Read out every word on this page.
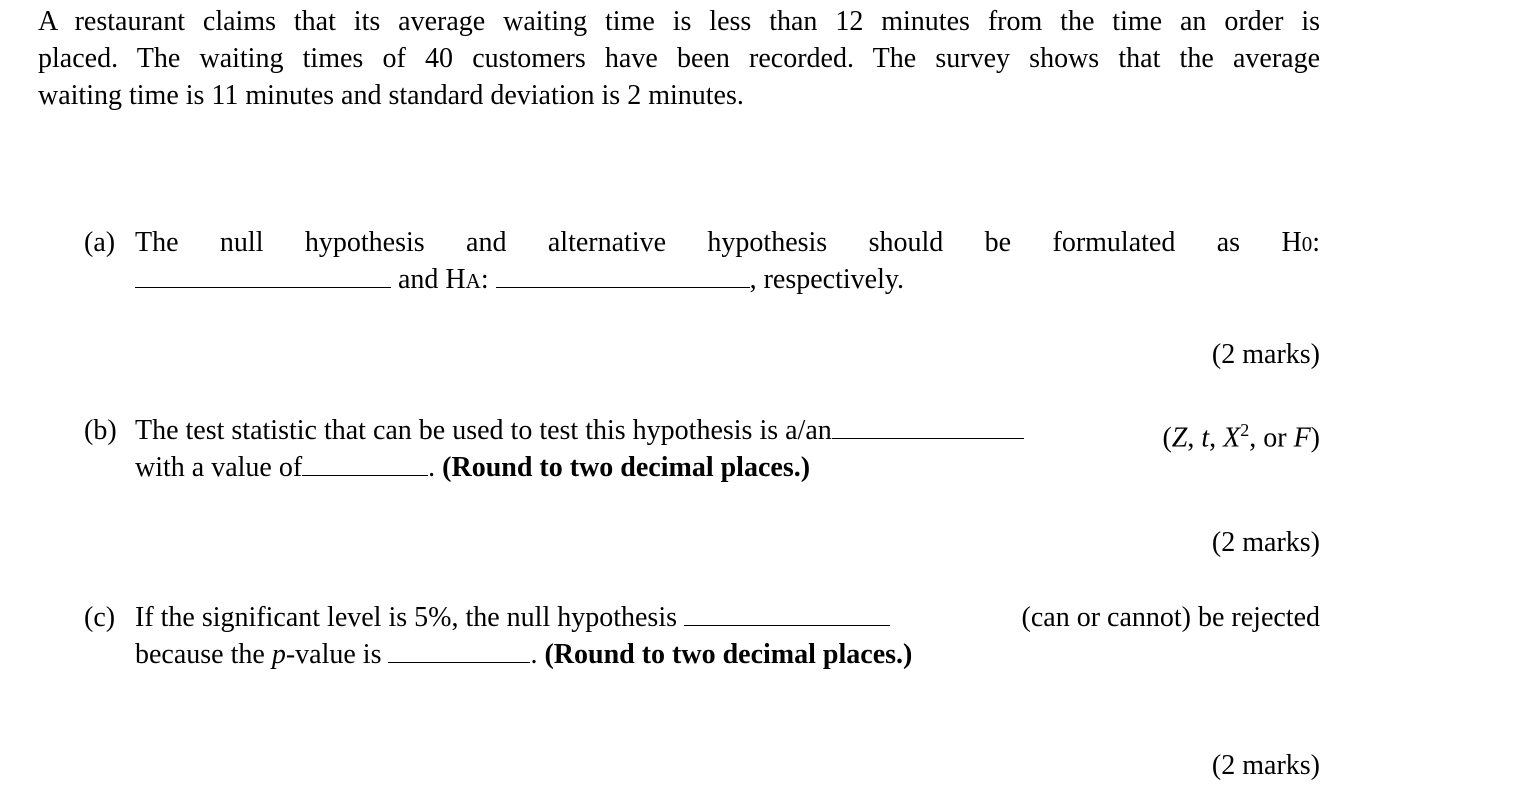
A restaurant claims that its average waiting time is less than 12 minutes from the time an order is
placed. The waiting times of 40 customers have been recorded. The survey shows that the average
waiting time is 11 minutes and standard deviation is 2 minutes.
(a) The null hypothesis and alternative hypothesis should be formulated as H0:
and HA:	, respectively.
(2 marks)
(b) The test statistic that can be used to test this hypothesis is a/an	(Z, t, $X^2$, or F)
with a value of	. (Round to two decimal places.)
(2 marks)
(c) If the significant level is 5%, the null hypothesis	(can or cannot) be rejected
because the p-value is	. (Round to two decimal places.)
(2 marks)
